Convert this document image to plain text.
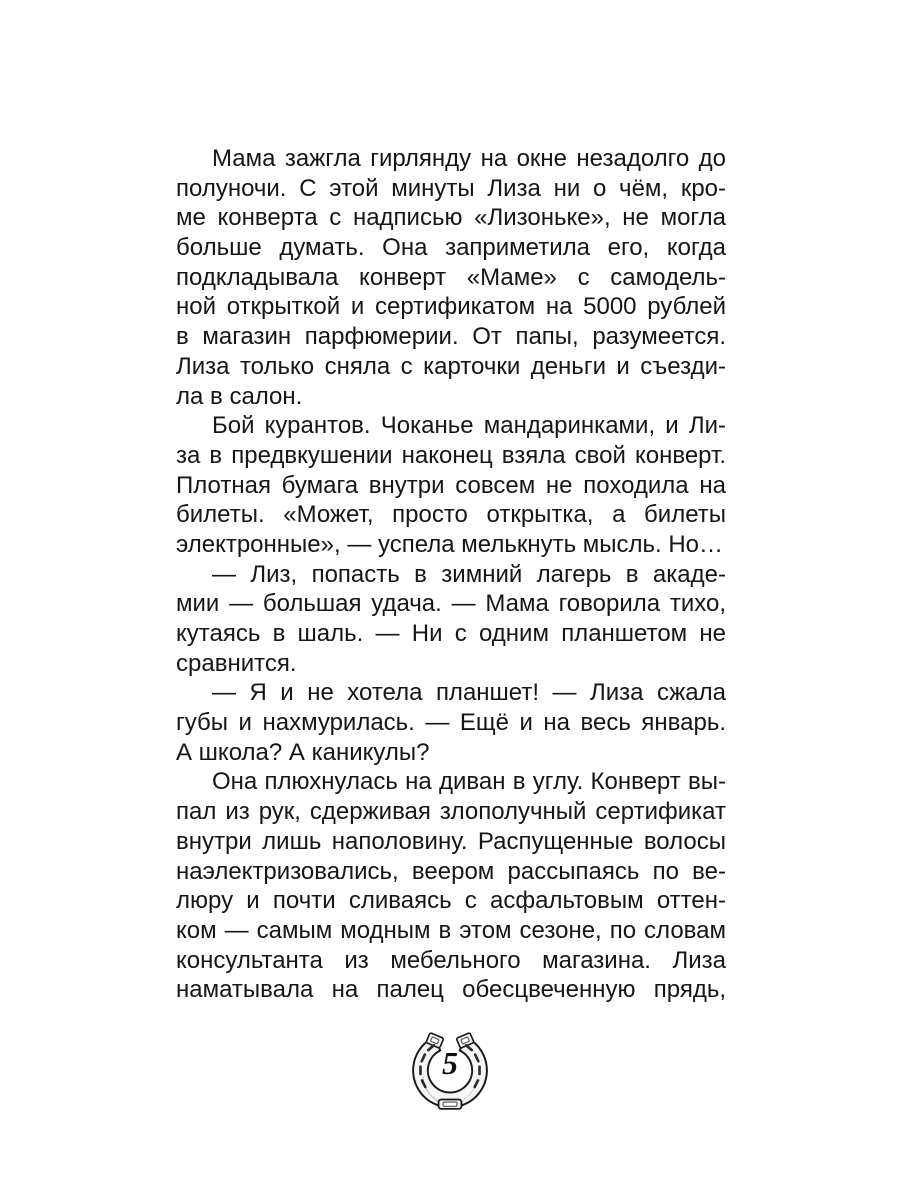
Мама зажгла гирлянду на окне незадолго до
полуночи. С этой минуты Лиза ни о чём, кро-
ме конверта с надписью «Лизоньке», не могла
больше думать. Она заприметила его, когда
подкладывала конверт «Маме» с самодель-
ной открыткой и сертификатом на 5000 рублей
в магазин парфюмерии. От папы, разумеется.
Лиза только сняла с карточки деньги и съезди-
ла в салон.
Бой курантов. Чоканье мандаринками, и Ли-
за в предвкушении наконец взяла свой конверт.
Плотная бумага внутри совсем не походила на
билеты. «Может, просто открытка, а билеты
электронные», — успела мелькнуть мысль. Но…
— Лиз, попасть в зимний лагерь в акаде-
мии — большая удача. — Мама говорила тихо,
кутаясь в шаль. — Ни с одним планшетом не
сравнится.
— Я и не хотела планшет! — Лиза сжала
губы и нахмурилась. — Ещё и на весь январь.
А школа? А каникулы?
Она плюхнулась на диван в углу. Конверт вы-
пал из рук, сдерживая злополучный сертификат
внутри лишь наполовину. Распущенные волосы
наэлектризовались, веером рассыпаясь по ве-
люру и почти сливаясь с асфальтовым оттен-
ком — самым модным в этом сезоне, по словам
консультанта из мебельного магазина. Лиза
наматывала на палец обесцвеченную прядь,
5
